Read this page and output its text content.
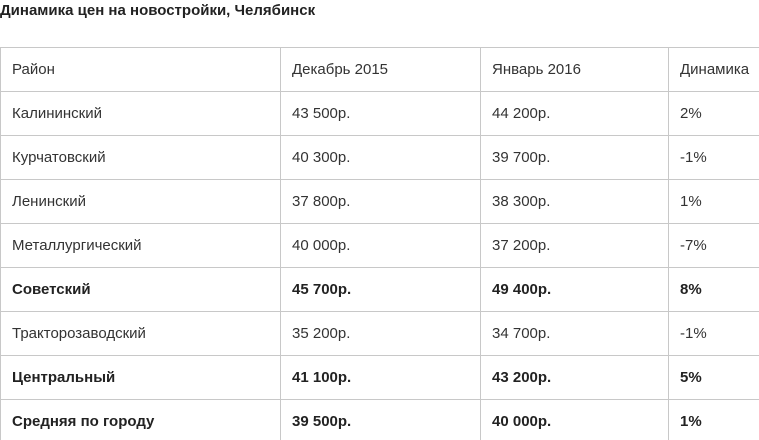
Динамика цен на новостройки, Челябинск
Район	Декабрь 2015	Январь 2016	Динамика
Калининский	43 500р.	44 200р.	2%
Курчатовский	40 300р.	39 700р.	-1%
Ленинский	37 800р.	38 300р.	1%
Металлургический	40 000р.	37 200р.	-7%
Советский	45 700р.	49 400р.	8%
Тракторозаводский	35 200р.	34 700р.	-1%
Центральный	41 100р.	43 200р.	5%
Средняя по городу	39 500р.	40 000р.	1%
